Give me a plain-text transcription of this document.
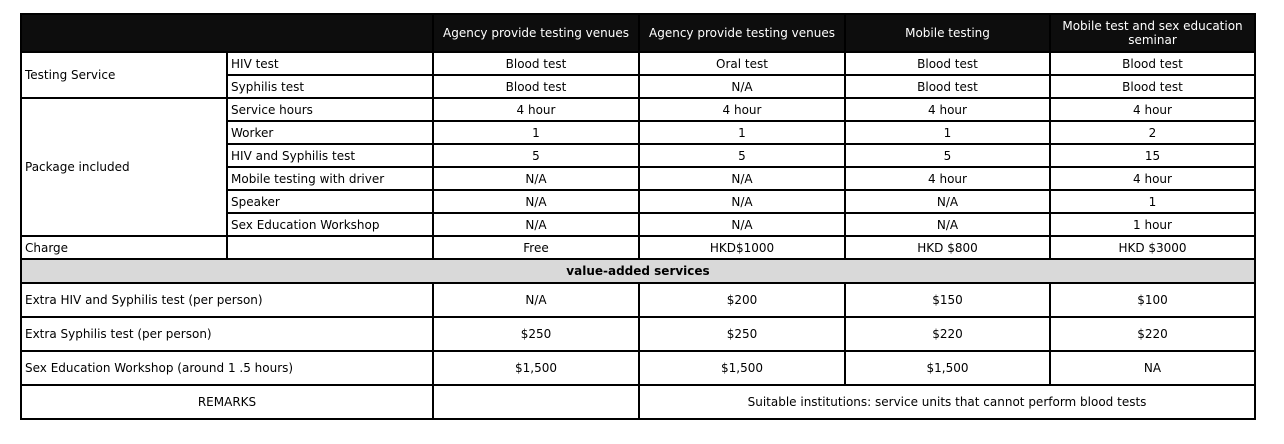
		Agency provide testing venues	Agency provide testing venues	Mobile testing	Mobile test and sex education seminar
Testing Service	HIV test	Blood test	Oral test	Blood test	Blood test
	Syphilis test	Blood test	N/A	Blood test	Blood test
Package included	Service hours	4 hour	4 hour	4 hour	4 hour
	Worker	1	1	1	2
	HIV and Syphilis test	5	5	5	15
	Mobile testing with driver	N/A	N/A	4 hour	4 hour
	Speaker	N/A	N/A	N/A	1
	Sex Education Workshop	N/A	N/A	N/A	1 hour
Charge		Free	HKD$1000	HKD $800	HKD $3000
value-added services					
Extra HIV and Syphilis test (per person)		N/A	$200	$150	$100
Extra Syphilis test (per person)		$250	$250	$220	$220
Sex Education Workshop (around 1 .5 hours)		$1,500	$1,500	$1,500	NA
REMARKS			Suitable institutions: service units that cannot perform blood tests		
